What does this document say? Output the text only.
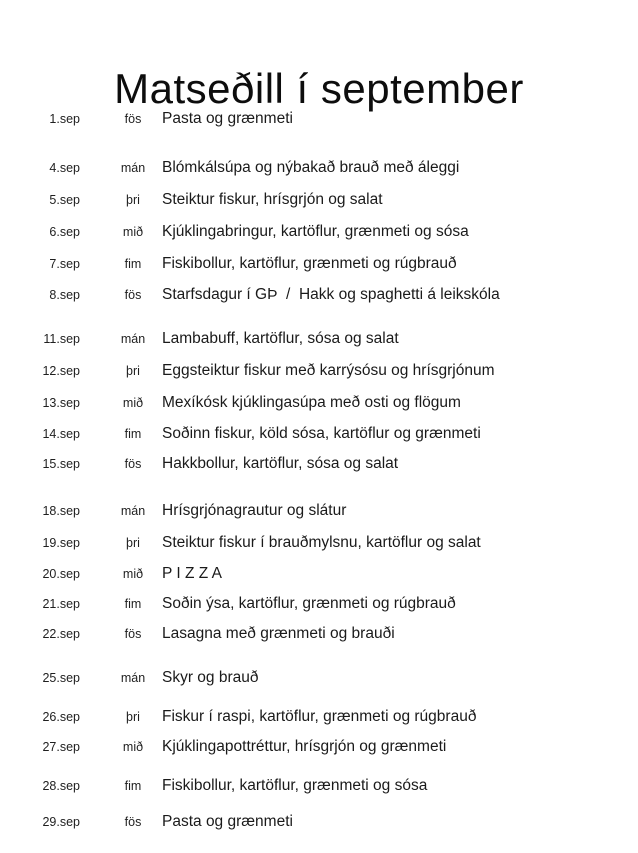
Matseðill í september
1.sep	fös	Pasta og grænmeti
4.sep	mán	Blómkálsúpa og nýbakað brauð með áleggi
5.sep	þri	Steiktur fiskur, hrísgrjón og salat
6.sep	mið	Kjúklingabringur, kartöflur, grænmeti og sósa
7.sep	fim	Fiskibollur, kartöflur, grænmeti og rúgbrauð
8.sep	fös	Starfsdagur í GÞ  /  Hakk og spaghetti á leikskóla
11.sep	mán	Lambabuff, kartöflur, sósa og salat
12.sep	þri	Eggsteiktur fiskur með karrýsósu og hrísgrjónum
13.sep	mið	Mexíkósk kjúklingasúpa með osti og flögum
14.sep	fim	Soðinn fiskur, köld sósa, kartöflur og grænmeti
15.sep	fös	Hakkbollur, kartöflur, sósa og salat
18.sep	mán	Hrísgrjónagrautur og slátur
19.sep	þri	Steiktur fiskur í brauðmylsnu, kartöflur og salat
20.sep	mið	P I Z Z A
21.sep	fim	Soðin ýsa, kartöflur, grænmeti og rúgbrauð
22.sep	fös	Lasagna með grænmeti og brauði
25.sep	mán	Skyr og brauð
26.sep	þri	Fiskur í raspi, kartöflur, grænmeti og rúgbrauð
27.sep	mið	Kjúklingapottréttur, hrísgrjón og grænmeti
28.sep	fim	Fiskibollur, kartöflur, grænmeti og sósa
29.sep	fös	Pasta og grænmeti
